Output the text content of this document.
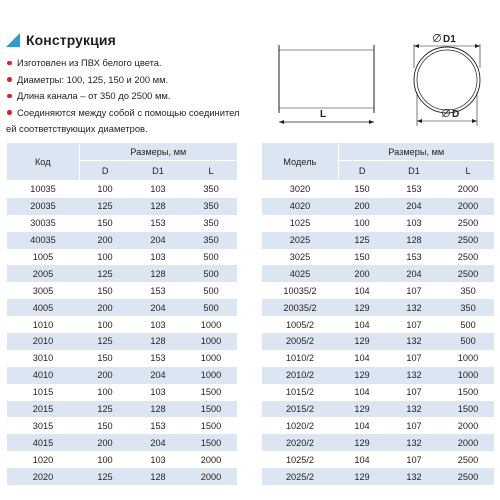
Конструкция
Изготовлен из ПВХ белого цвета.
Диаметры: 100, 125, 150 и 200 мм.
Длина канала – от 350 до 2500 мм.
Соединяются между собой с помощью соединител
ей соответствующих диаметров.
L
D1
D
Код	Размеры, мм		
	D	D1	L
10035	100	103	350
20035	125	128	350
30035	150	153	350
40035	200	204	350
1005	100	103	500
2005	125	128	500
3005	150	153	500
4005	200	204	500
1010	100	103	1000
2010	125	128	1000
3010	150	153	1000
4010	200	204	1000
1015	100	103	1500
2015	125	128	1500
3015	150	153	1500
4015	200	204	1500
1020	100	103	2000
2020	125	128	2000
Модель	Размеры, мм		
	D	D1	L
3020	150	153	2000
4020	200	204	2000
1025	100	103	2500
2025	125	128	2500
3025	150	153	2500
4025	200	204	2500
10035/2	104	107	350
20035/2	129	132	350
1005/2	104	107	500
2005/2	129	132	500
1010/2	104	107	1000
2010/2	129	132	1000
1015/2	104	107	1500
2015/2	129	132	1500
1020/2	104	107	2000
2020/2	129	132	2000
1025/2	104	107	2500
2025/2	129	132	2500
